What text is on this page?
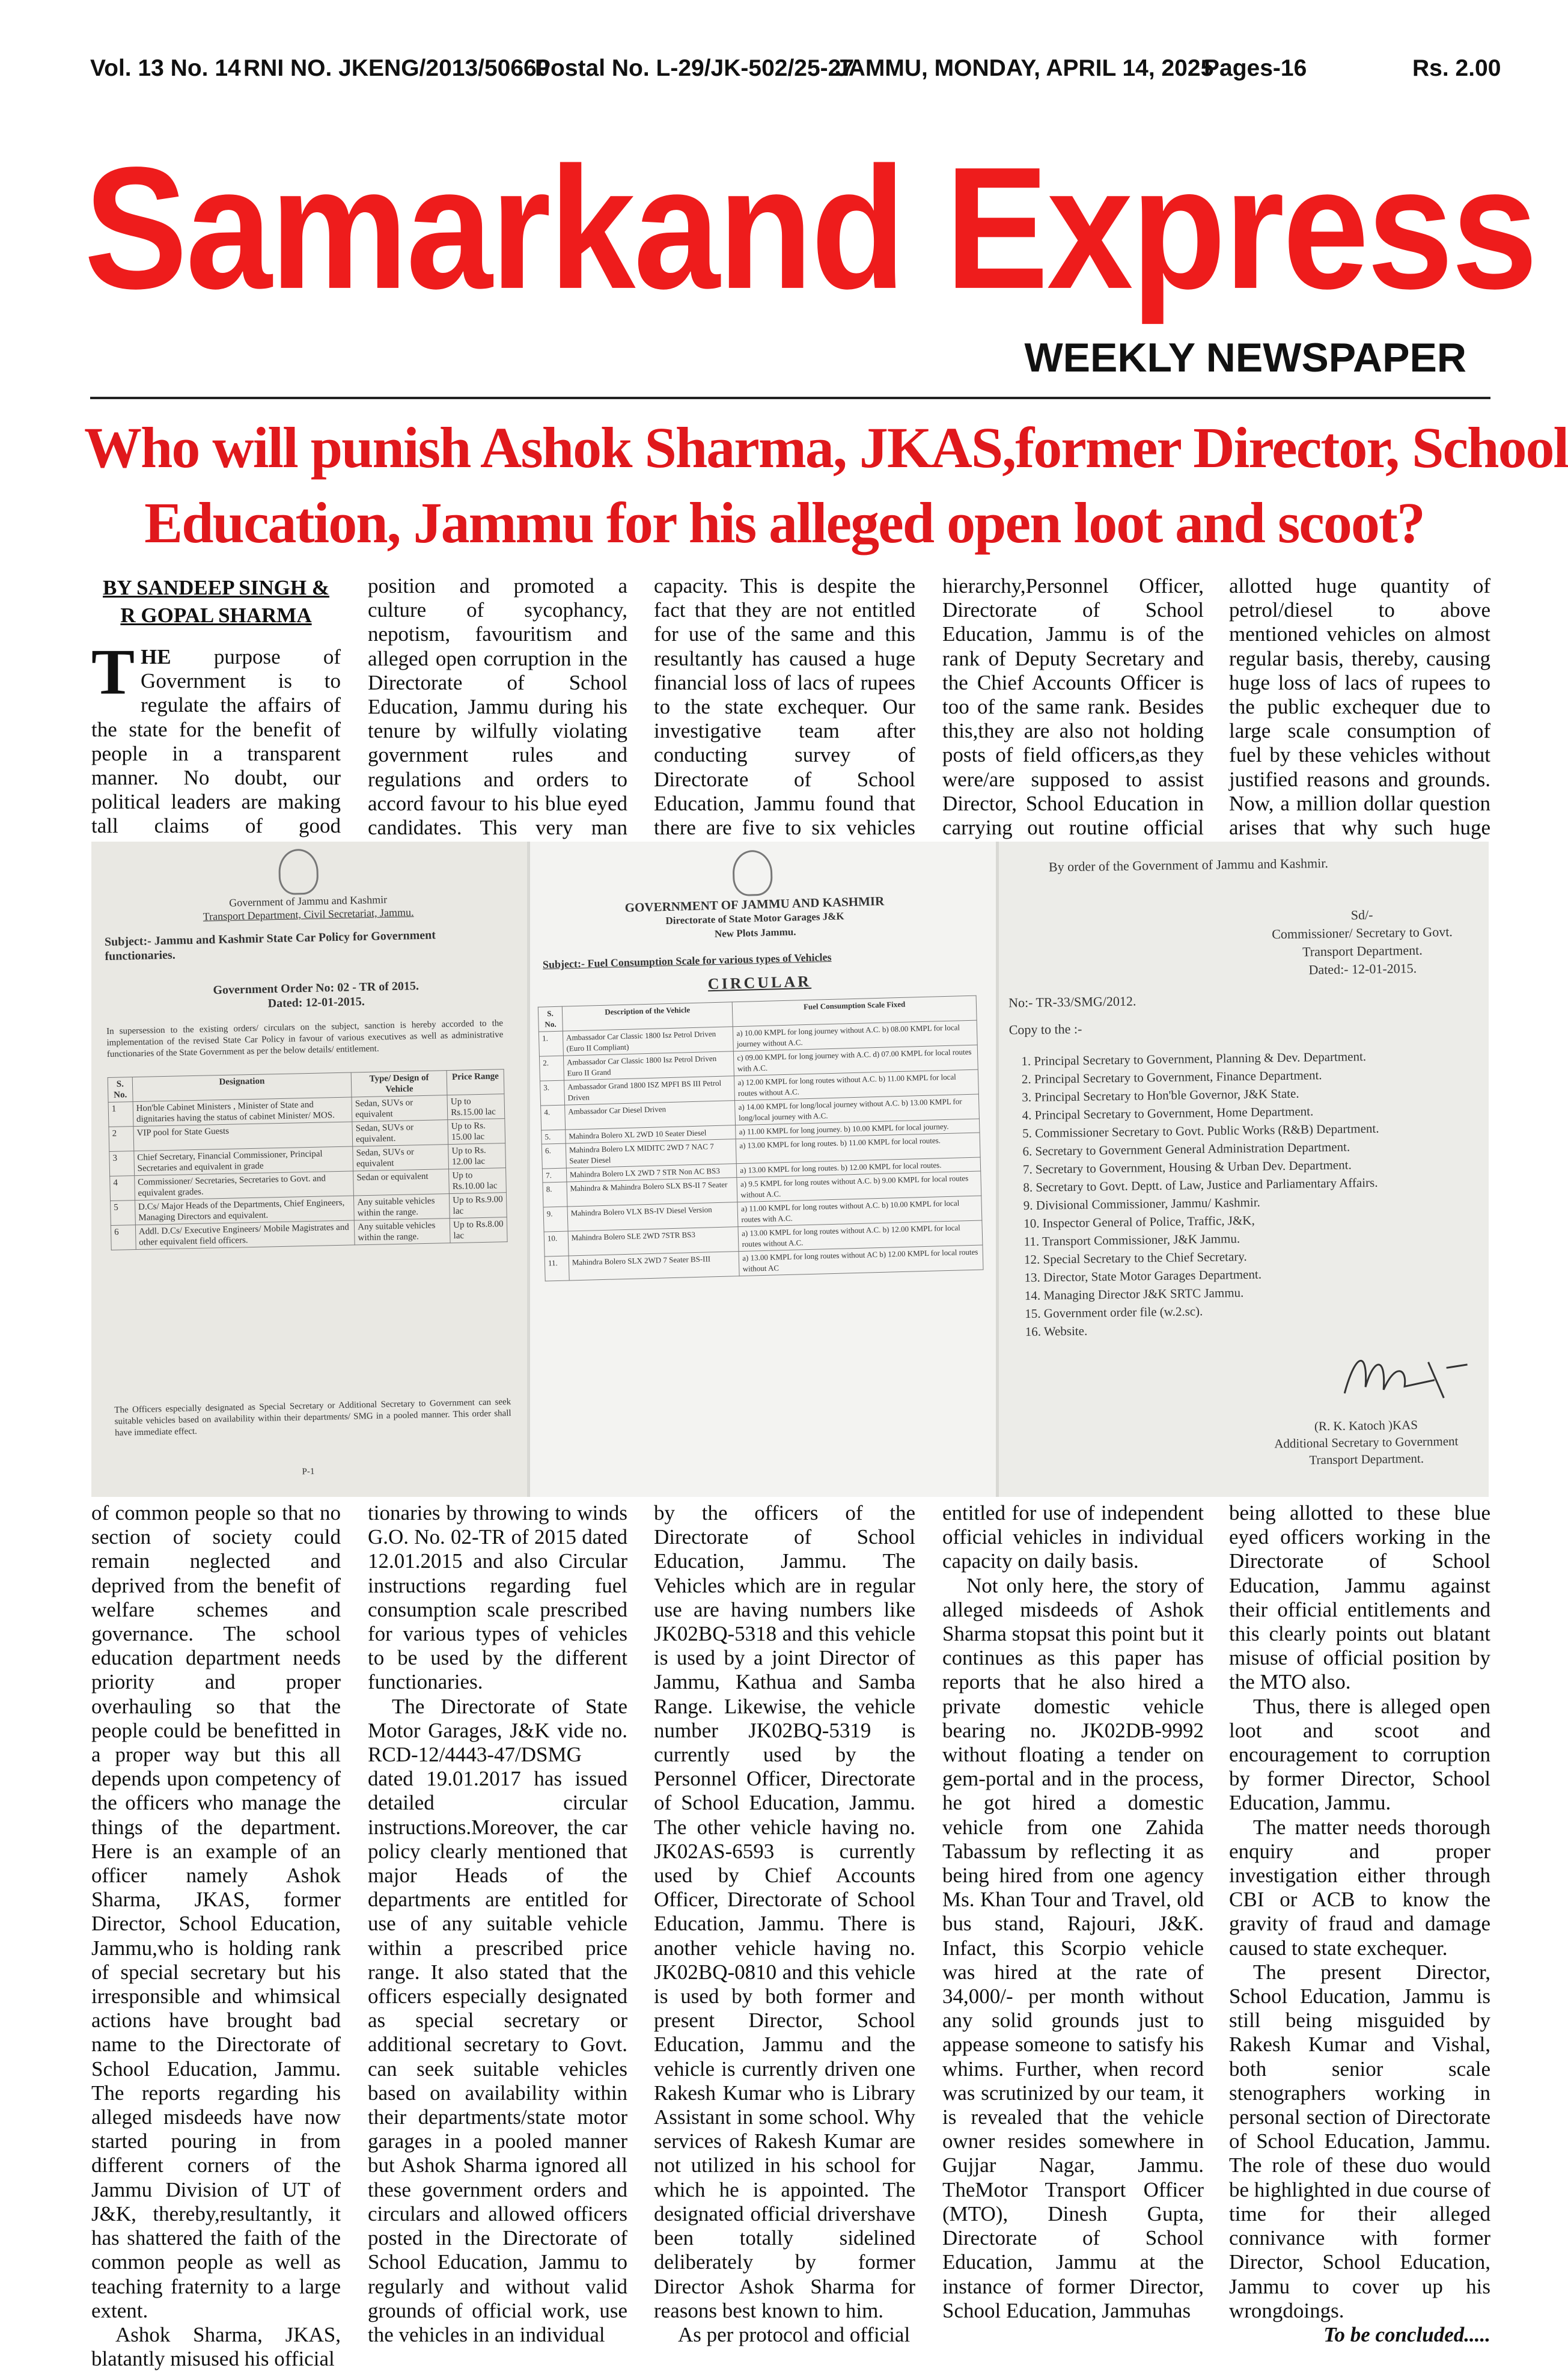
Vol. 13 No. 14 RNI NO. JKENG/2013/50660
Postal No. L-29/JK-502/25-27
JAMMU, MONDAY, APRIL 14, 2025
Pages-16	Rs. 2.00
Samarkand Express
WEEKLY NEWSPAPER
Who will punish Ashok Sharma, JKAS,former Director, School
Education, Jammu for his alleged open loot and scoot?
BY SANDEEP SINGH &
R GOPAL SHARMA

THE purpose of Government is to regulate the affairs of the state for the benefit of people in a transparent manner. No doubt, our political leaders are making tall claims of good

position and promoted a culture of sycophancy, nepotism, favouritism and alleged open corruption in the Directorate of School Education, Jammu during his tenure by wilfully violating government rules and regulations and orders to accord favour to his blue eyed candidates. This very man

capacity. This is despite the fact that they are not entitled for use of the same and this resultantly has caused a huge financial loss of lacs of rupees to the state exchequer. Our investigative team after conducting survey of Directorate of School Education, Jammu found that there are five to six vehicles

hierarchy,Personnel Officer, Directorate of School Education, Jammu is of the rank of Deputy Secretary and the Chief Accounts Officer is too of the same rank. Besides this,they are also not holding posts of field officers,as they were/are supposed to assist Director, School Education in carrying out routine official

allotted huge quantity of petrol/diesel to above mentioned vehicles on almost regular basis, thereby, causing huge loss of lacs of rupees to the public exchequer due to large scale consumption of fuel by these vehicles without justified reasons and grounds. Now, a million dollar question arises that why such huge

Government of Jammu and Kashmir
Transport Department, Civil Secretariat, Jammu.
Subject:- Jammu and Kashmir State Car Policy for Government functionaries.
Government Order No: 02 - TR of 2015.
Dated: 12-01-2015.
In supersession to the existing orders/ circulars on the subject, sanction is hereby accorded to the implementation of the revised State Car Policy in favour of various executives as well as administrative functionaries of the State Government as per the below details/ entitlement.
S. No.	Designation	Type/ Design of Vehicle	Price Range
1	Hon'ble Cabinet Ministers , Minister of State and dignitaries having the status of cabinet Minister/ MOS.	Sedan, SUVs or equivalent	Up to Rs.15.00 lac
2	VIP pool for State Guests	Sedan, SUVs or equivalent.	Up to Rs. 15.00 lac
3	Chief Secretary, Financial Commissioner, Principal Secretaries and equivalent in grade	Sedan, SUVs or equivalent	Up to Rs. 12.00 lac
4	Commissioner/ Secretaries, Secretaries to Govt. and equivalent grades.	Sedan or equivalent	Up to Rs.10.00 lac
5	D.Cs/ Major Heads of the Departments, Chief Engineers, Managing Directors and equivalent.	Any suitable vehicles within the range.	Up to Rs.9.00 lac
6	Addl. D.Cs/ Executive Engineers/ Mobile Magistrates and other equivalent field officers.	Any suitable vehicles within the range.	Up to Rs.8.00 lac
The Officers especially designated as Special Secretary or Additional Secretary to Government can seek suitable vehicles based on availability within their departments/ SMG in a pooled manner. This order shall have immediate effect.
P-1
GOVERNMENT OF JAMMU AND KASHMIR
Directorate of State Motor Garages J&K
New Plots Jammu.
Subject:- Fuel Consumption Scale for various types of Vehicles
CIRCULAR
S. No.	Description of the Vehicle	Fuel Consumption Scale Fixed
1.	Ambassador Car Classic 1800 Isz Petrol Driven (Euro II Compliant)	a) 10.00 KMPL for long journey without A.C. b) 08.00 KMPL for local journey without A.C.
2.	Ambassador Car Classic 1800 Isz Petrol Driven Euro II Grand	c) 09.00 KMPL for long journey with A.C. d) 07.00 KMPL for local routes with A.C.
3.	Ambassador Grand 1800 ISZ MPFI BS III Petrol Driven	a) 12.00 KMPL for long routes without A.C. b) 11.00 KMPL for local routes without A.C.
4.	Ambassador Car Diesel Driven	a) 14.00 KMPL for long/local journey without A.C. b) 13.00 KMPL for long/local journey with A.C.
5.	Mahindra Bolero XL 2WD 10 Seater Diesel	a) 11.00 KMPL for long journey. b) 10.00 KMPL for local journey.
6.	Mahindra Bolero LX MIDITC 2WD 7 NAC 7 Seater Diesel	a) 13.00 KMPL for long routes. b) 11.00 KMPL for local routes.
7.	Mahindra Bolero LX 2WD 7 STR Non AC BS3	a) 13.00 KMPL for long routes. b) 12.00 KMPL for local routes.
8.	Mahindra & Mahindra Bolero SLX BS-II 7 Seater	a) 9.5 KMPL for long routes without A.C. b) 9.00 KMPL for local routes without A.C.
9.	Mahindra Bolero VLX BS-IV Diesel Version	a) 11.00 KMPL for long routes without A.C. b) 10.00 KMPL for local routes with A.C.
10.	Mahindra Bolero SLE 2WD 7STR BS3	a) 13.00 KMPL for long routes without A.C. b) 12.00 KMPL for local routes without A.C.
11.	Mahindra Bolero SLX 2WD 7 Seater BS-III	a) 13.00 KMPL for long routes without AC b) 12.00 KMPL for local routes without AC
By order of the Government of Jammu and Kashmir.
Sd/-
Commissioner/ Secretary to Govt.
Transport Department.
Dated:- 12-01-2015.
No:- TR-33/SMG/2012.
Copy to the :-
1. Principal Secretary to Government, Planning & Dev. Department.
2. Principal Secretary to Government, Finance Department.
3. Principal Secretary to Hon'ble Governor, J&K State.
4. Principal Secretary to Government, Home Department.
5. Commissioner Secretary to Govt. Public Works (R&B) Department.
6. Secretary to Government General Administration Department.
7. Secretary to Government, Housing & Urban Dev. Department.
8. Secretary to Govt. Deptt. of Law, Justice and Parliamentary Affairs.
9. Divisional Commissioner, Jammu/ Kashmir.
10. Inspector General of Police, Traffic, J&K,
11. Transport Commissioner, J&K Jammu.
12. Special Secretary to the Chief Secretary.
13. Director, State Motor Garages Department.
14. Managing Director J&K SRTC Jammu.
15. Government order file (w.2.sc).
16. Website.
(R. K. Katoch )KAS
Additional Secretary to Government
Transport Department.

of common people so that no section of society could remain neglected and deprived from the benefit of welfare schemes and governance. The school education department needs priority and proper overhauling so that the people could be benefitted in a proper way but this all depends upon competency of the officers who manage the things of the department. Here is an example of an officer namely Ashok Sharma, JKAS, former Director, School Education, Jammu,who is holding rank of special secretary but his irresponsible and whimsical actions have brought bad name to the Directorate of School Education, Jammu. The reports regarding his alleged misdeeds have now started pouring in from different corners of the Jammu Division of UT of J&K, thereby,resultantly, it has shattered the faith of the common people as well as teaching fraternity to a large extent.

Ashok Sharma, JKAS, blatantly misused his official

tionaries by throwing to winds G.O. No. 02-TR of 2015 dated 12.01.2015 and also Circular instructions regarding fuel consumption scale prescribed for various types of vehicles to be used by the different functionaries.

The Directorate of State Motor Garages, J&K vide no. RCD-12/4443-47/DSMG dated 19.01.2017 has issued detailed circular instructions.Moreover, the car policy clearly mentioned that major Heads of the departments are entitled for use of any suitable vehicle within a prescribed price range. It also stated that the officers especially designated as special secretary or additional secretary to Govt. can seek suitable vehicles based on availability within their departments/state motor garages in a pooled manner but Ashok Sharma ignored all these government orders and circulars and allowed officers posted in the Directorate of School Education, Jammu to regularly and without valid grounds of official work, use the vehicles in an individual

by the officers of the Directorate of School Education, Jammu. The Vehicles which are in regular use are having numbers like JK02BQ-5318 and this vehicle is used by a joint Director of Jammu, Kathua and Samba Range. Likewise, the vehicle number JK02BQ-5319 is currently used by the Personnel Officer, Directorate of School Education, Jammu. The other vehicle having no. JK02AS-6593 is currently used by Chief Accounts Officer, Directorate of School Education, Jammu. There is another vehicle having no. JK02BQ-0810 and this vehicle is used by both former and present Director, School Education, Jammu and the vehicle is currently driven one Rakesh Kumar who is Library Assistant in some school. Why services of Rakesh Kumar are not utilized in his school for which he is appointed. The designated official drivershave been totally sidelined deliberately by former Director Ashok Sharma for reasons best known to him.

As per protocol and official

entitled for use of independent official vehicles in individual capacity on daily basis.

Not only here, the story of alleged misdeeds of Ashok Sharma stopsat this point but it continues as this paper has reports that he also hired a private domestic vehicle bearing no. JK02DB-9992 without floating a tender on gem-portal and in the process, he got hired a domestic vehicle from one Zahida Tabassum by reflecting it as being hired from one agency Ms. Khan Tour and Travel, old bus stand, Rajouri, J&K. Infact, this Scorpio vehicle was hired at the rate of 34,000/- per month without any solid grounds just to appease someone to satisfy his whims. Further, when record was scrutinized by our team, it is revealed that the vehicle owner resides somewhere in Gujjar Nagar, Jammu. TheMotor Transport Officer (MTO), Dinesh Gupta, Directorate of School Education, Jammu at the instance of former Director, School Education, Jammuhas

being allotted to these blue eyed officers working in the Directorate of School Education, Jammu against their official entitlements and this clearly points out blatant misuse of official position by the MTO also.

Thus, there is alleged open loot and scoot and encouragement to corruption by former Director, School Education, Jammu.

The matter needs thorough enquiry and proper investigation either through CBI or ACB to know the gravity of fraud and damage caused to state exchequer.

The present Director, School Education, Jammu is still being misguided by Rakesh Kumar and Vishal, both senior scale stenographers working in personal section of Directorate of School Education, Jammu. The role of these duo would be highlighted in due course of time for their alleged connivance with former Director, School Education, Jammu to cover up his wrongdoings.

To be concluded.....
